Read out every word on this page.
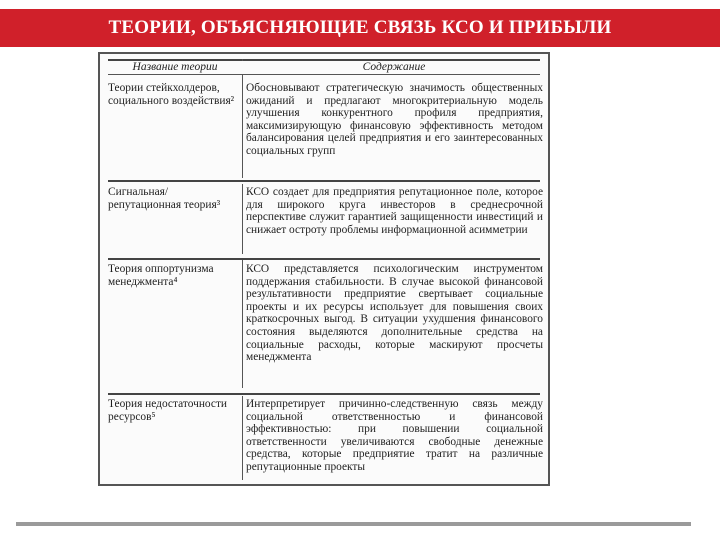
ТЕОРИИ, ОБЪЯСНЯЮЩИЕ СВЯЗЬ КСО И ПРИБЫЛИ
Название теории	Содержание
Теории стейкхолдеров, социального воздействия²
Обосновывают стратегическую значимость общественных ожиданий и предлагают многокритериальную модель улучшения конкурентного профиля предприятия, максимизирующую финансовую эффективность методом балансирования целей предприятия и его заинтересованных социальных групп
Сигнальная/ репутационная теория³
КСО создает для предприятия репутационное поле, которое для широкого круга инвесторов в среднесрочной перспективе служит гарантией защищенности инвестиций и снижает остроту проблемы информационной асимметрии
Теория оппортунизма менеджмента⁴
КСО представляется психологическим инструментом поддержания стабильности. В случае высокой финансовой результативности предприятие свертывает социальные проекты и их ресурсы использует для повышения своих краткосрочных выгод. В ситуации ухудшения финансового состояния выделяются дополнительные средства на социальные расходы, которые маскируют просчеты менеджмента
Теория недостаточности ресурсов⁵
Интерпретирует причинно-следственную связь между социальной ответственностью и финансовой эффективностью: при повышении социальной ответственности увеличиваются свободные денежные средства, которые предприятие тратит на различные репутационные проекты
